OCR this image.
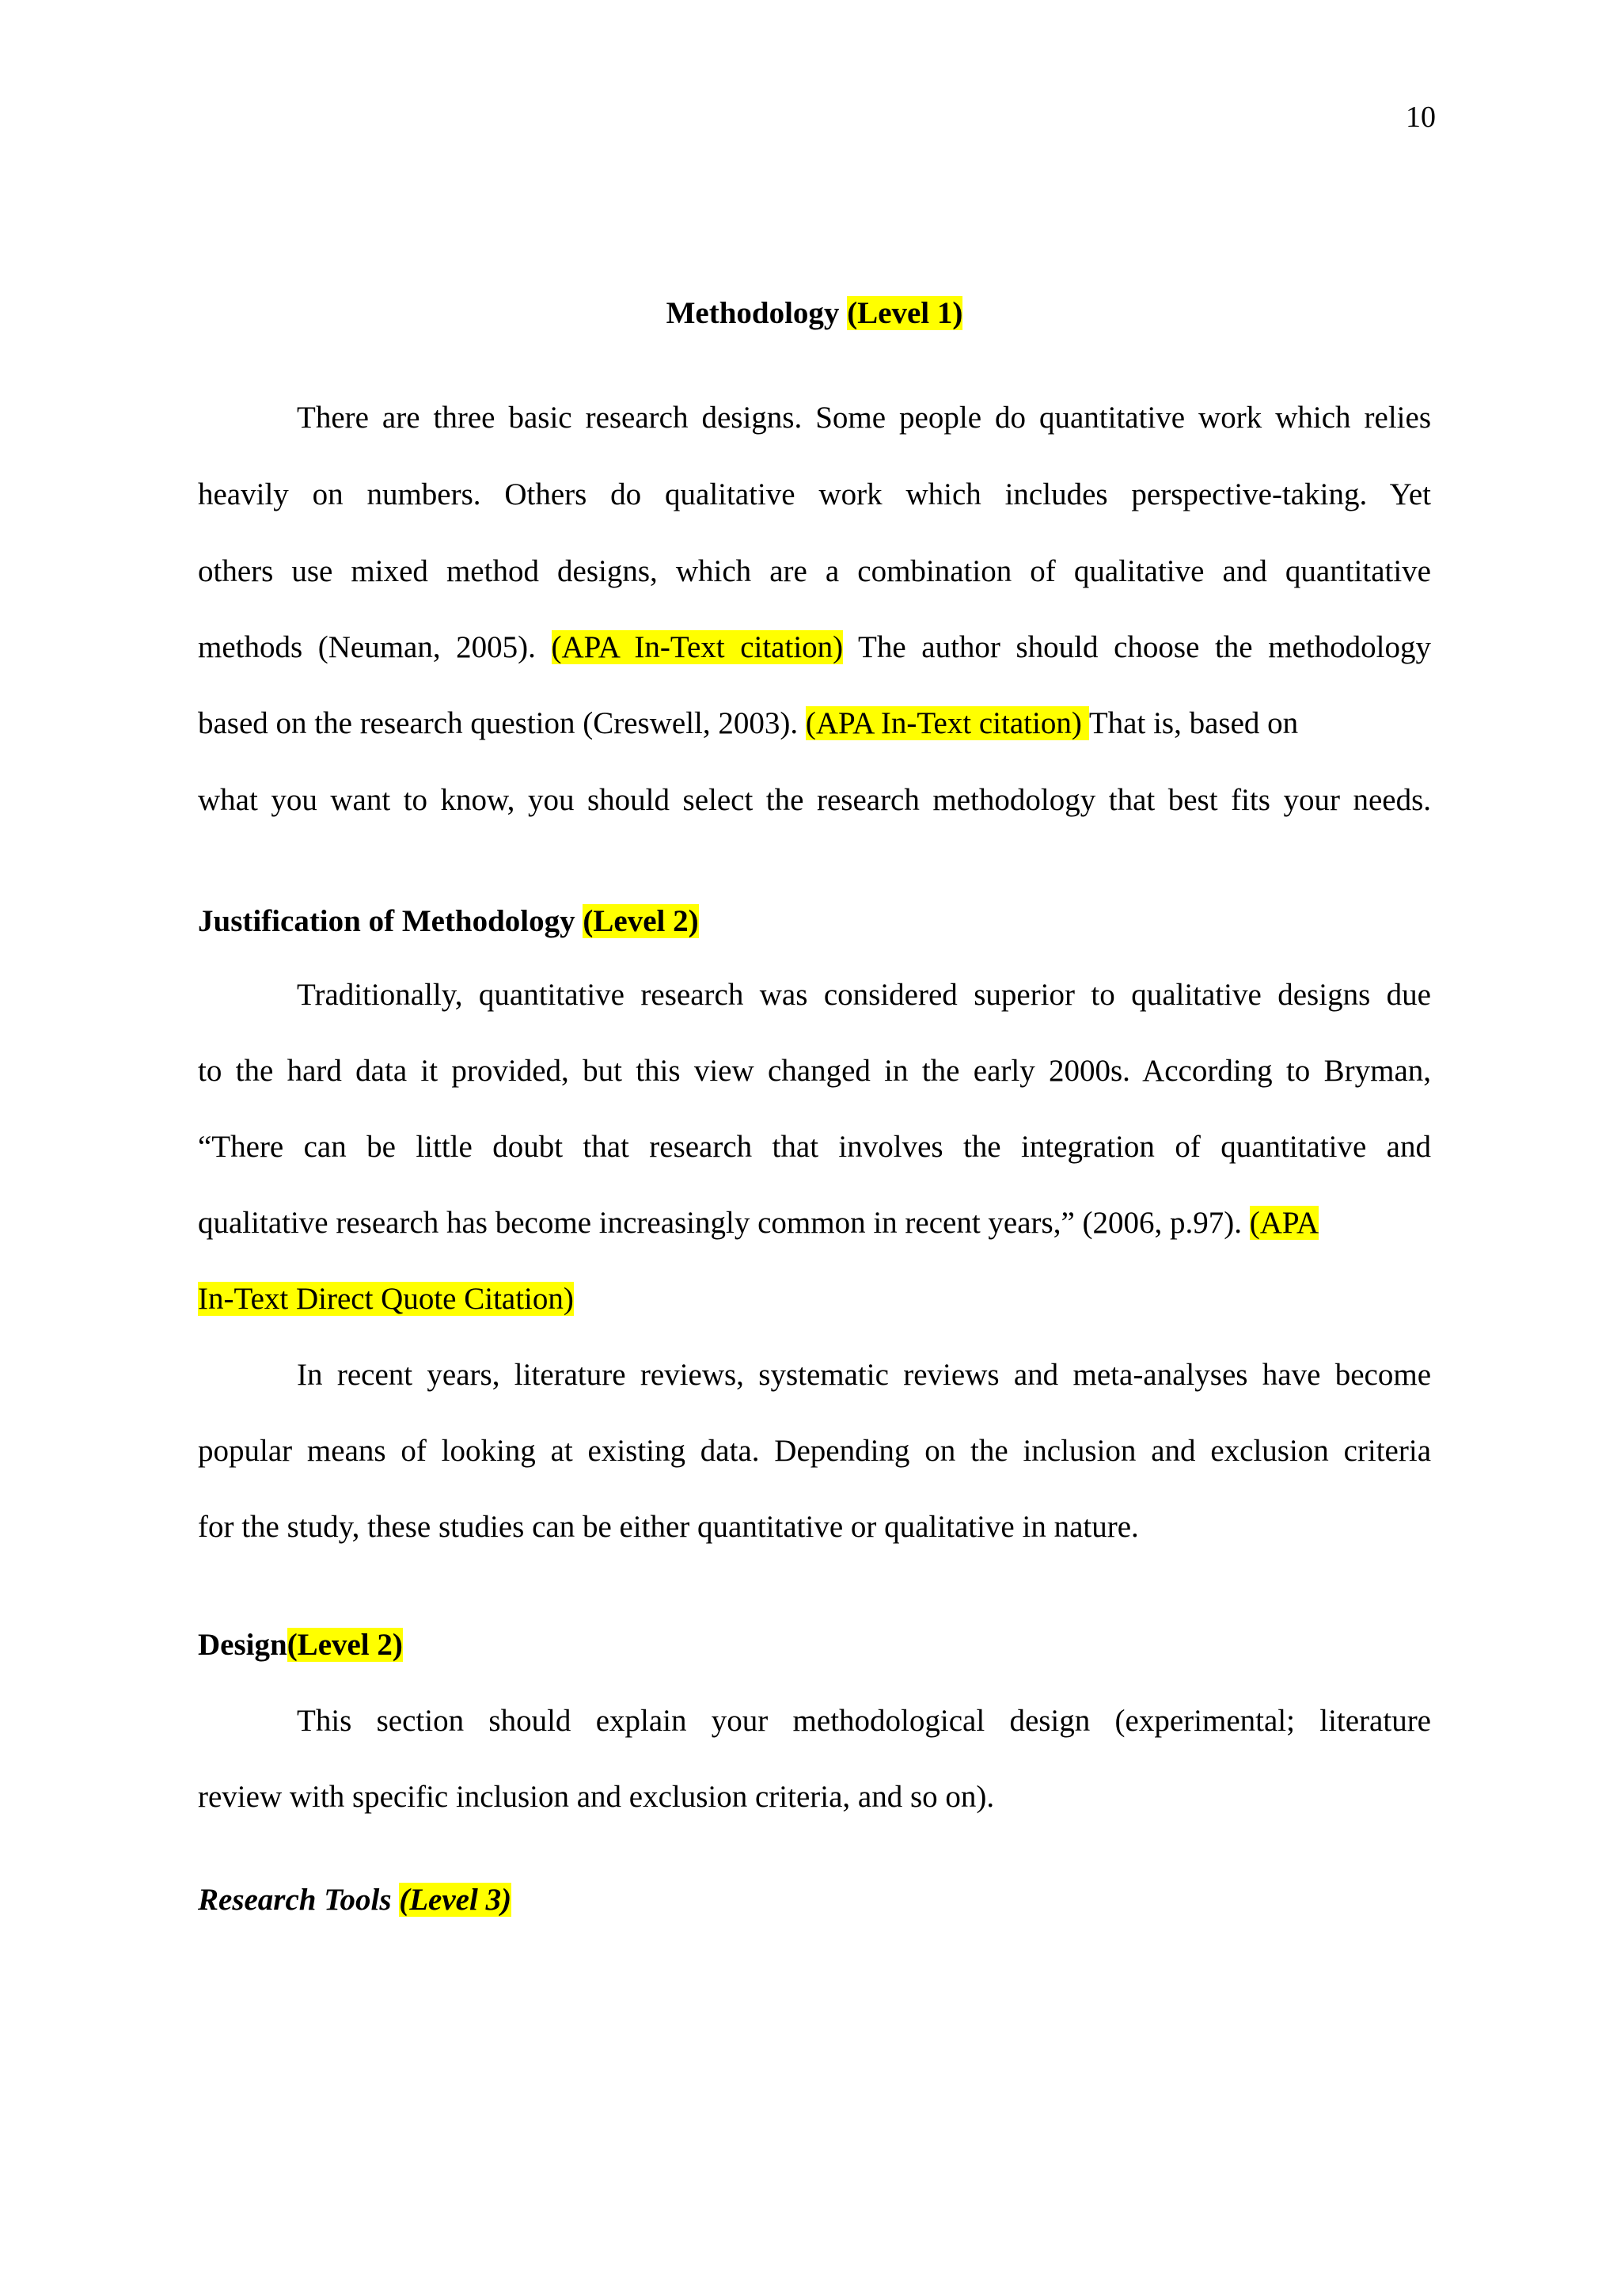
10
Methodology (Level 1)
There are three basic research designs. Some people do quantitative work which relies
heavily on numbers. Others do qualitative work which includes perspective-taking. Yet
others use mixed method designs, which are a combination of qualitative and quantitative
methods (Neuman, 2005). (APA In-Text citation) The author should choose the methodology
based on the research question (Creswell, 2003). (APA In-Text citation) That is, based on
what you want to know, you should select the research methodology that best fits your needs.
Justification of Methodology (Level 2)
Traditionally, quantitative research was considered superior to qualitative designs due
to the hard data it provided, but this view changed in the early 2000s. According to Bryman,
“There can be little doubt that research that involves the integration of quantitative and
qualitative research has become increasingly common in recent years,” (2006, p.97). (APA
In-Text Direct Quote Citation)
In recent years, literature reviews, systematic reviews and meta-analyses have become
popular means of looking at existing data. Depending on the inclusion and exclusion criteria
for the study, these studies can be either quantitative or qualitative in nature.
Design(Level 2)
This section should explain your methodological design (experimental; literature
review with specific inclusion and exclusion criteria, and so on).
Research Tools (Level 3)
